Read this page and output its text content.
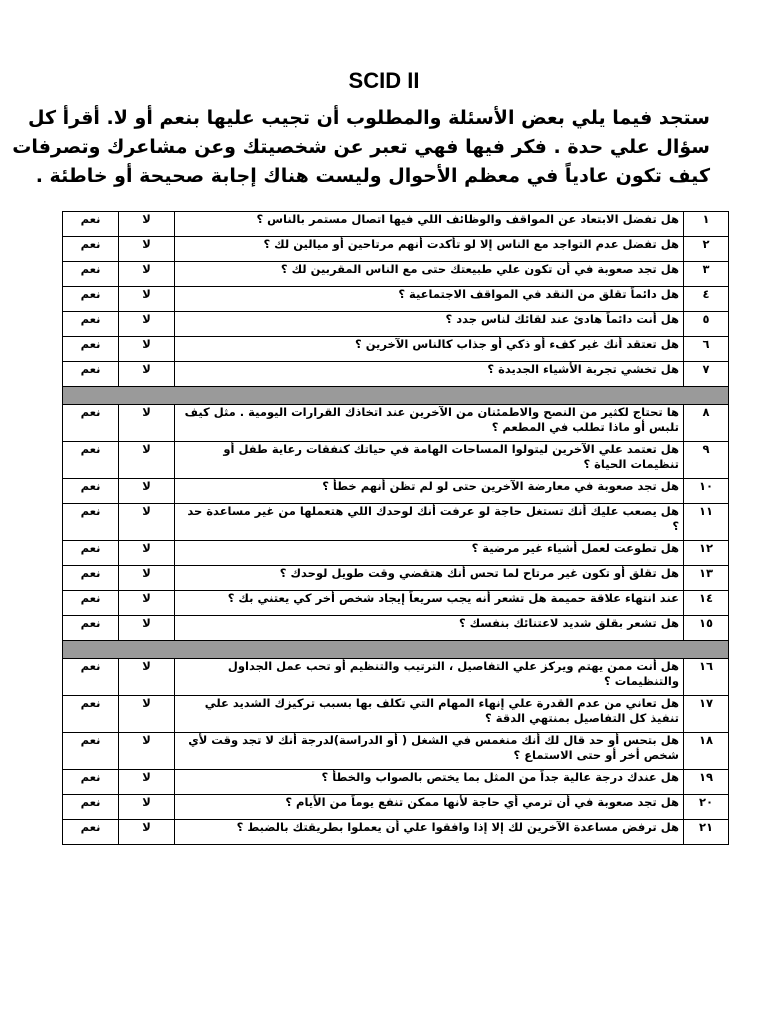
SCID II
ستجد فيما يلي بعض الأسئلة والمطلوب أن تجيب عليها بنعم أو لا. أقرأ كل
سؤال علي حدة . فكر فيها فهي تعبر عن شخصيتك وعن مشاعرك وتصرفات
كيف تكون عادياً في معظم الأحوال وليست هناك إجابة صحيحة أو خاطئة .
١	هل تفضل الابتعاد عن المواقف والوظائف اللي فيها اتصال مستمر بالناس ؟	لا	نعم
٢	هل تفضل عدم التواجد مع الناس إلا لو تأكدت أنهم مرتاحين أو ميالين لك ؟	لا	نعم
٣	هل تجد صعوبة في أن تكون علي طبيعتك حتى مع الناس المقربين لك ؟	لا	نعم
٤	هل دائماً تقلق من النقد في المواقف الاجتماعية ؟	لا	نعم
٥	هل أنت دائماً هادئ عند لقائك لناس جدد ؟	لا	نعم
٦	هل تعتقد أنك غير كفء أو ذكي أو جذاب كالناس الآخرين ؟	لا	نعم
٧	هل تخشي تجربة الأشياء الجديدة ؟	لا	نعم

٨	ها تحتاج لكثير من النصح والاطمئنان من الآخرين عند اتخاذك القرارات اليومية . مثل كيف تلبس أو ماذا تطلب في المطعم ؟	لا	نعم
٩	هل تعتمد علي الآخرين ليتولوا المساحات الهامة في حياتك كنفقات رعاية طفل أو تنظيمات الحياة ؟	لا	نعم
١٠	هل تجد صعوبة في معارضة الآخرين حتى لو لم تظن أنهم خطأ ؟	لا	نعم
١١	هل يصعب عليك أنك تستغل حاجة لو عرفت أنك لوحدك اللي هتعملها من غير مساعدة حد ؟	لا	نعم
١٢	هل تطوعت لعمل أشياء غير مرضية ؟	لا	نعم
١٣	هل تقلق أو تكون غير مرتاح لما تحس أنك هتقضي وقت طويل لوحدك ؟	لا	نعم
١٤	عند انتهاء علاقة حميمة هل تشعر أنه يجب سريعاً إيجاد شخص أخر كي يعتني بك ؟	لا	نعم
١٥	هل تشعر بقلق شديد لاعتنائك بنفسك ؟	لا	نعم

١٦	هل أنت ممن يهتم ويركز علي التفاصيل ، الترتيب والتنظيم أو تحب عمل الجداول والتنظيمات ؟	لا	نعم
١٧	هل تعاني من عدم القدرة علي إنهاء المهام التي تكلف بها بسبب تركيزك الشديد علي تنفيذ كل التفاصيل بمنتهي الدقة ؟	لا	نعم
١٨	هل بتحس أو حد قال لك أنك منغمس في الشغل ( أو الدراسة)لدرجة أنك لا تجد وقت لأي شخص أخر أو حتى الاستماع ؟	لا	نعم
١٩	هل عندك درجة عالية جداً من المثل بما يختص بالصواب والخطأ ؟	لا	نعم
٢٠	هل تجد صعوبة في أن ترمي أي حاجة لأنها ممكن تنفع يوماً من الأيام ؟	لا	نعم
٢١	هل ترفض مساعدة الآخرين لك إلا إذا وافقوا علي أن يعملوا بطريقتك بالضبط ؟	لا	نعم
